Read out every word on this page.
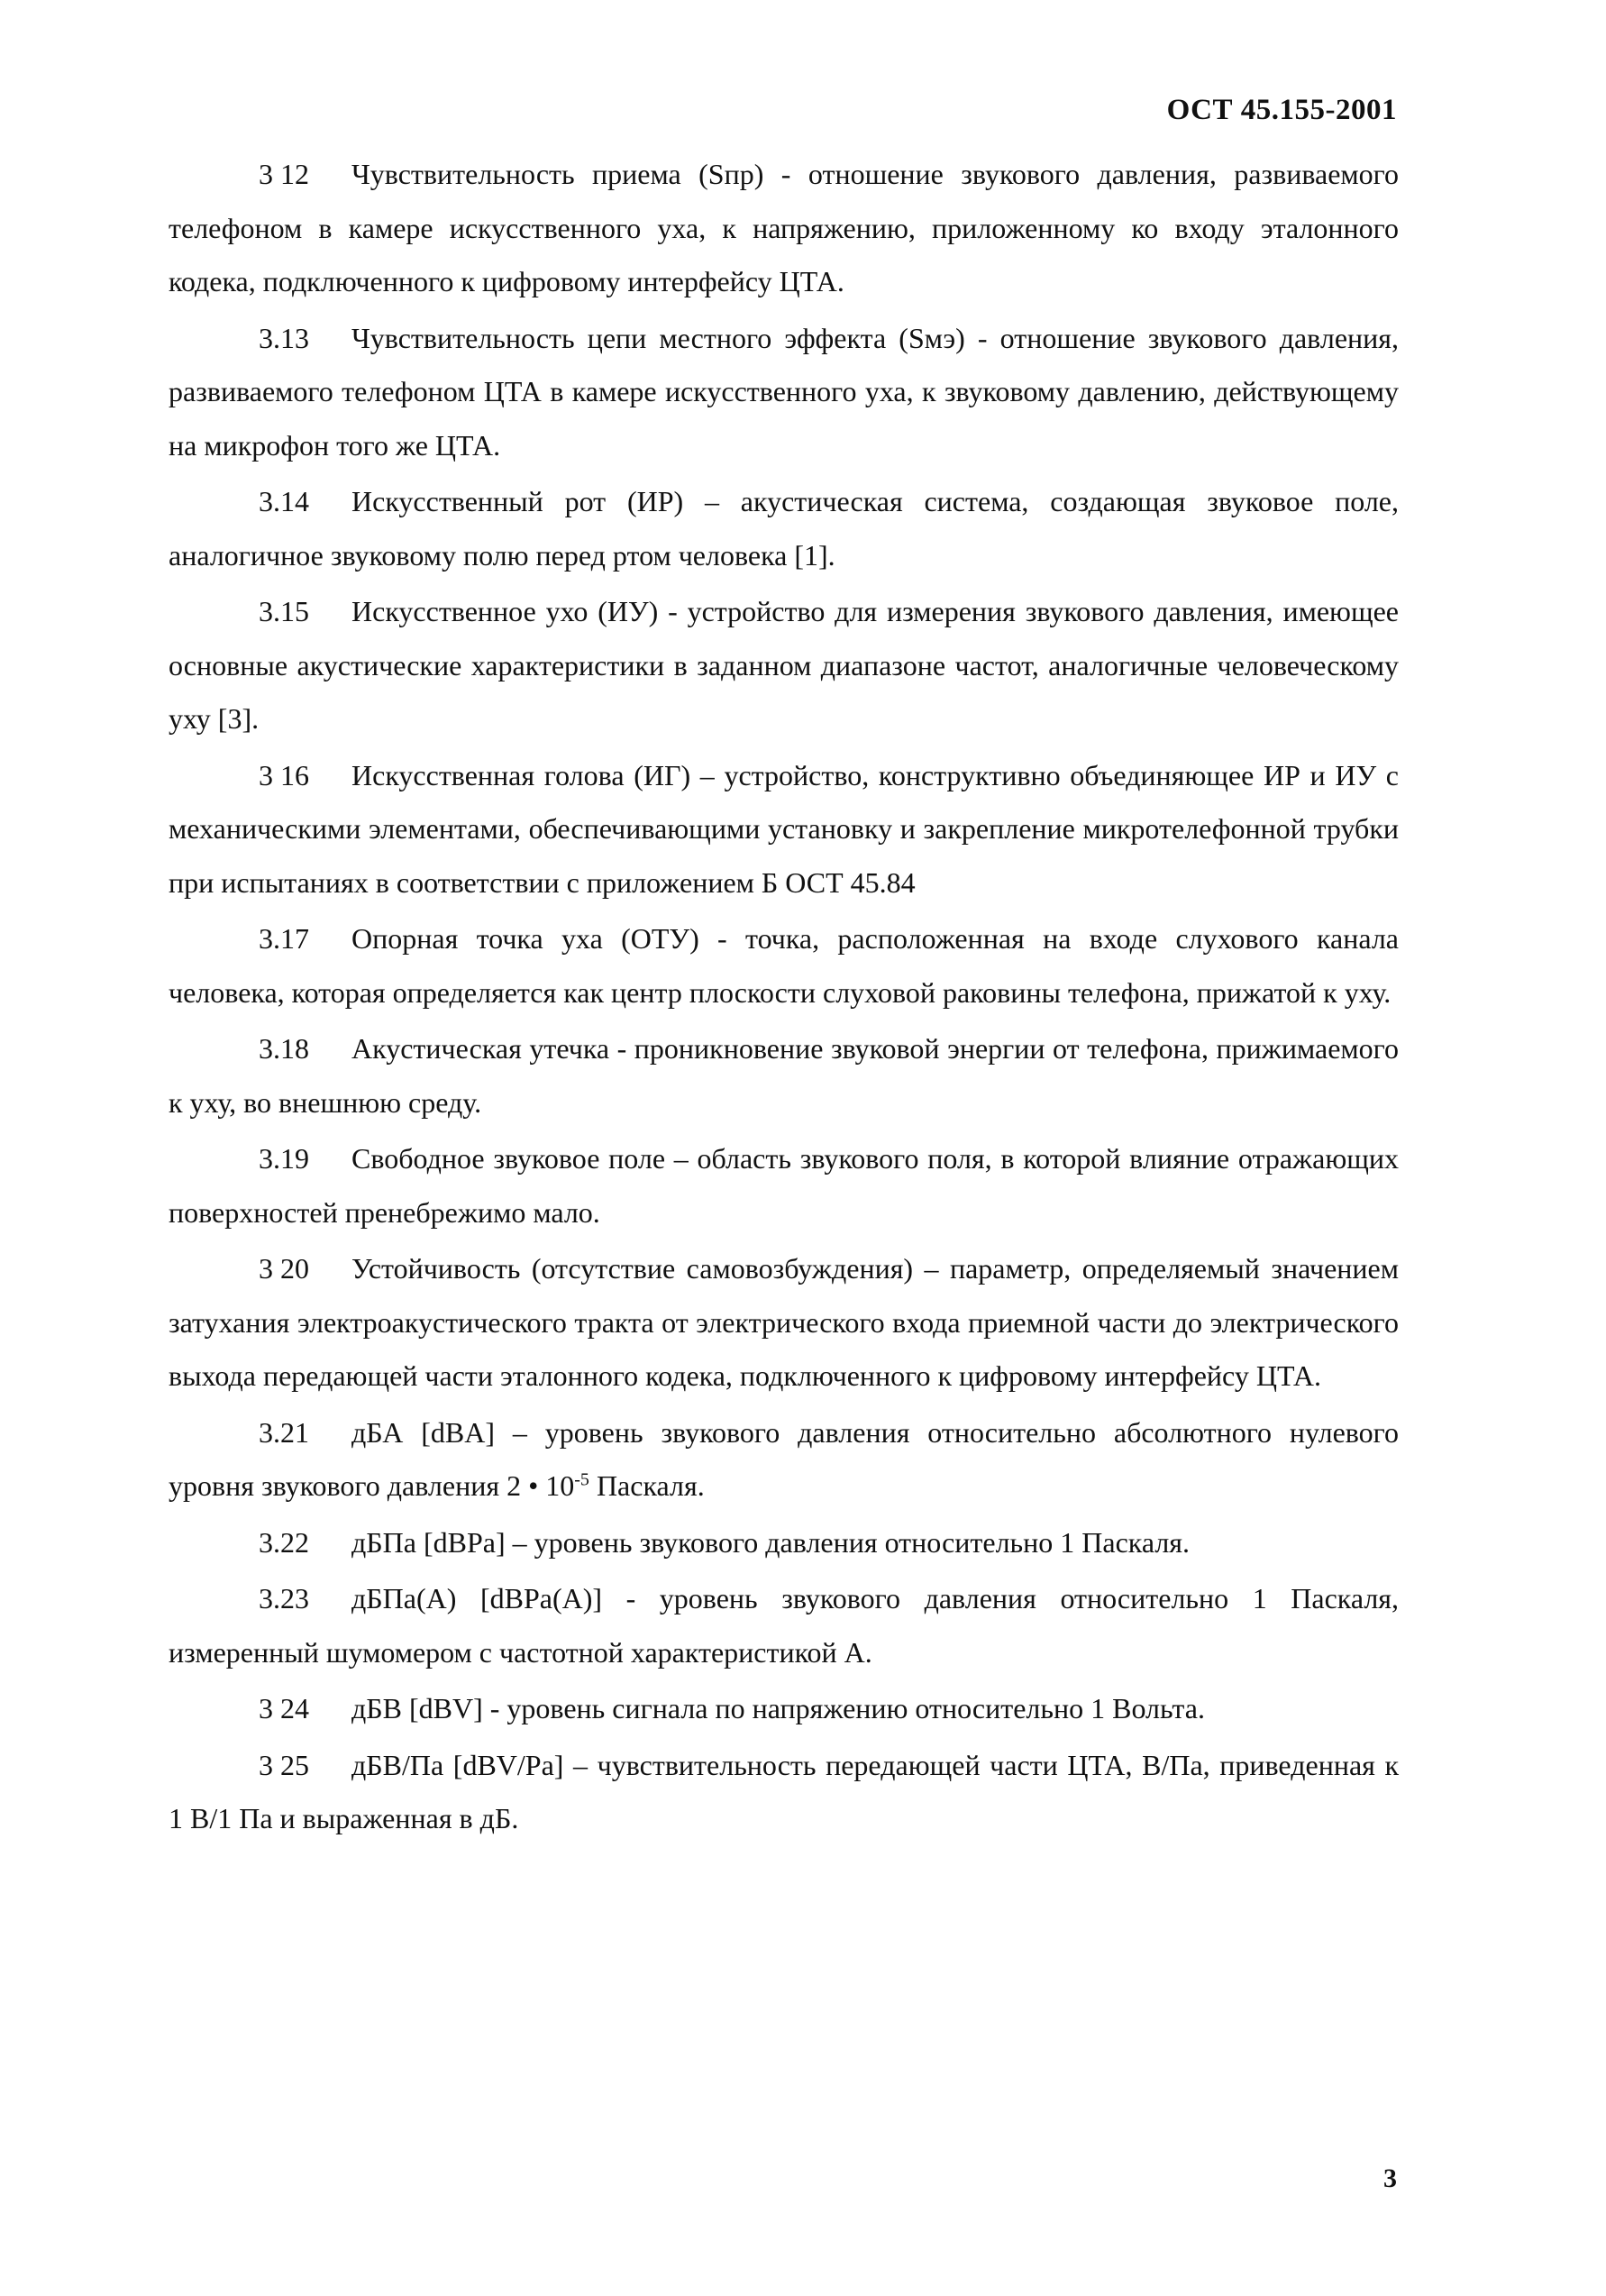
ОСТ 45.155-2001

3 12 Чувствительность приема (Sпр) - отношение звукового давления, развиваемого телефоном в камере искусственного уха, к напряжению, приложенному ко входу эталонного кодека, подключенного к цифровому интерфейсу ЦТА.

3.13 Чувствительность цепи местного эффекта (Sмэ) - отношение звукового давления, развиваемого телефоном ЦТА в камере искусственного уха, к звуковому давлению, действующему на микрофон того же ЦТА.

3.14 Искусственный рот (ИР) – акустическая система, создающая звуковое поле, аналогичное звуковому полю перед ртом человека [1].

3.15 Искусственное ухо (ИУ) - устройство для измерения звукового давления, имеющее основные акустические характеристики в заданном диапазоне частот, аналогичные человеческому уху [3].

3 16 Искусственная голова (ИГ) – устройство, конструктивно объединяющее ИР и ИУ с механическими элементами, обеспечивающими установку и закрепление микротелефонной трубки при испытаниях в соответствии с приложением Б ОСТ 45.84

3.17 Опорная точка уха (ОТУ) - точка, расположенная на входе слухового канала человека, которая определяется как центр плоскости слуховой раковины телефона, прижатой к уху.

3.18 Акустическая утечка - проникновение звуковой энергии от телефона, прижимаемого к уху, во внешнюю среду.

3.19 Свободное звуковое поле – область звукового поля, в которой влияние отражающих поверхностей пренебрежимо мало.

3 20 Устойчивость (отсутствие самовозбуждения) – параметр, определяемый значением затухания электроакустического тракта от электрического входа приемной части до электрического выхода передающей части эталонного кодека, подключенного к цифровому интерфейсу ЦТА.

3.21 дБА [dBA] – уровень звукового давления относительно абсолютного нулевого уровня звукового давления 2 • $10^{-5}$ Паскаля.

3.22 дБПа [dBPa] – уровень звукового давления относительно 1 Паскаля.

3.23 дБПа(А) [dBPa(A)] - уровень звукового давления относительно 1 Паскаля, измеренный шумомером с частотной характеристикой А.

3 24 дБВ [dBV] - уровень сигнала по напряжению относительно 1 Вольта.

3 25 дБВ/Па [dBV/Pa] – чувствительность передающей части ЦТА, В/Па, приведенная к 1 В/1 Па и выраженная в дБ.

3
